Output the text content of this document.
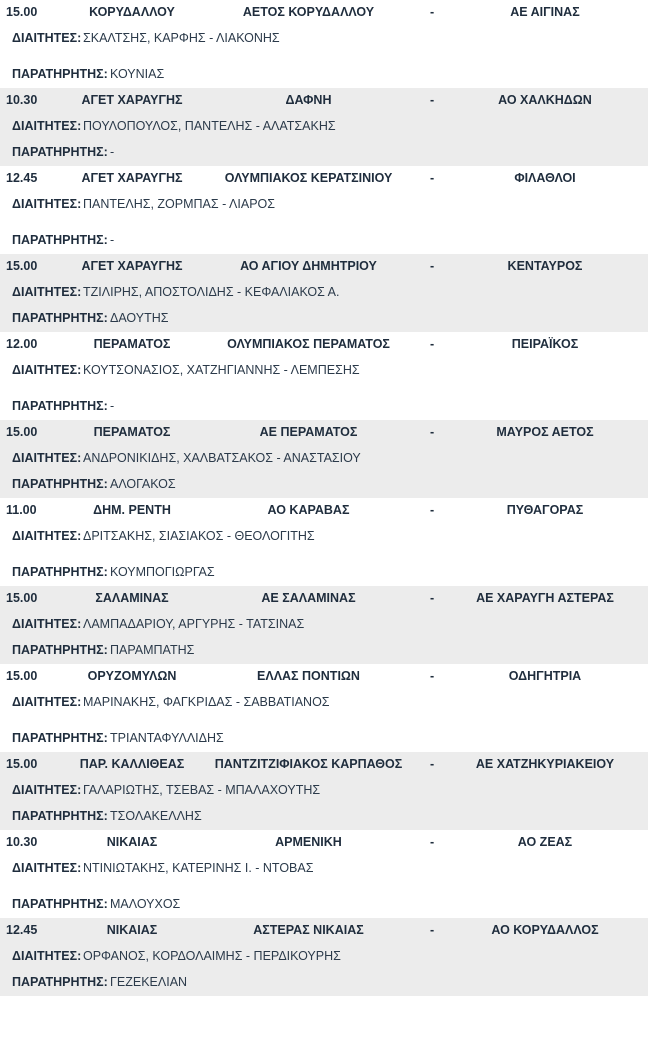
15.00	ΚΟΡΥΔΑΛΛΟΥ	ΑΕΤΟΣ ΚΟΡΥΔΑΛΛΟΥ	-	ΑΕ ΑΙΓΙΝΑΣ
ΔΙΑΙΤΗΤΕΣ: ΣΚΑΛΤΣΗΣ, ΚΑΡΦΗΣ - ΛΙΑΚΟΝΗΣ
ΠΑΡΑΤΗΡΗΤΗΣ: ΚΟΥΝΙΑΣ
10.30	ΑΓΕΤ ΧΑΡΑΥΓΗΣ	ΔΑΦΝΗ	-	ΑΟ ΧΑΛΚΗΔΩΝ
ΔΙΑΙΤΗΤΕΣ: ΠΟΥΛΟΠΟΥΛΟΣ, ΠΑΝΤΕΛΗΣ - ΑΛΑΤΣΑΚΗΣ
ΠΑΡΑΤΗΡΗΤΗΣ: -
12.45	ΑΓΕΤ ΧΑΡΑΥΓΗΣ	ΟΛΥΜΠΙΑΚΟΣ ΚΕΡΑΤΣΙΝΙΟΥ	-	ΦΙΛΑΘΛΟΙ
ΔΙΑΙΤΗΤΕΣ: ΠΑΝΤΕΛΗΣ, ΖΟΡΜΠΑΣ - ΛΙΑΡΟΣ
ΠΑΡΑΤΗΡΗΤΗΣ: -
15.00	ΑΓΕΤ ΧΑΡΑΥΓΗΣ	ΑΟ ΑΓΙΟΥ ΔΗΜΗΤΡΙΟΥ	-	ΚΕΝΤΑΥΡΟΣ
ΔΙΑΙΤΗΤΕΣ: ΤΖΙΛΙΡΗΣ, ΑΠΟΣΤΟΛΙΔΗΣ - ΚΕΦΑΛΙΑΚΟΣ Α.
ΠΑΡΑΤΗΡΗΤΗΣ: ΔΑΟΥΤΗΣ
12.00	ΠΕΡΑΜΑΤΟΣ	ΟΛΥΜΠΙΑΚΟΣ ΠΕΡΑΜΑΤΟΣ	-	ΠΕΙΡΑΪΚΟΣ
ΔΙΑΙΤΗΤΕΣ: ΚΟΥΤΣΟΝΑΣΙΟΣ, ΧΑΤΖΗΓΙΑΝΝΗΣ - ΛΕΜΠΕΣΗΣ
ΠΑΡΑΤΗΡΗΤΗΣ: -
15.00	ΠΕΡΑΜΑΤΟΣ	ΑΕ ΠΕΡΑΜΑΤΟΣ	-	ΜΑΥΡΟΣ ΑΕΤΟΣ
ΔΙΑΙΤΗΤΕΣ: ΑΝΔΡΟΝΙΚΙΔΗΣ, ΧΑΛΒΑΤΣΑΚΟΣ - ΑΝΑΣΤΑΣΙΟΥ
ΠΑΡΑΤΗΡΗΤΗΣ: ΑΛΟΓΑΚΟΣ
11.00	ΔΗΜ. ΡΕΝΤΗ	ΑΟ ΚΑΡΑΒΑΣ	-	ΠΥΘΑΓΟΡΑΣ
ΔΙΑΙΤΗΤΕΣ: ΔΡΙΤΣΑΚΗΣ, ΣΙΑΣΙΑΚΟΣ - ΘΕΟΛΟΓΙΤΗΣ
ΠΑΡΑΤΗΡΗΤΗΣ: ΚΟΥΜΠΟΓΙΩΡΓΑΣ
15.00	ΣΑΛΑΜΙΝΑΣ	ΑΕ ΣΑΛΑΜΙΝΑΣ	-	ΑΕ ΧΑΡΑΥΓΗ ΑΣΤΕΡΑΣ
ΔΙΑΙΤΗΤΕΣ: ΛΑΜΠΑΔΑΡΙΟΥ, ΑΡΓΥΡΗΣ - ΤΑΤΣΙΝΑΣ
ΠΑΡΑΤΗΡΗΤΗΣ: ΠΑΡΑΜΠΑΤΗΣ
15.00	ΟΡΥΖΟΜΥΛΩΝ	ΕΛΛΑΣ ΠΟΝΤΙΩΝ	-	ΟΔΗΓΗΤΡΙΑ
ΔΙΑΙΤΗΤΕΣ: ΜΑΡΙΝΑΚΗΣ, ΦΑΓΚΡΙΔΑΣ - ΣΑΒΒΑΤΙΑΝΟΣ
ΠΑΡΑΤΗΡΗΤΗΣ: ΤΡΙΑΝΤΑΦΥΛΛΙΔΗΣ
15.00	ΠΑΡ. ΚΑΛΛΙΘΕΑΣ	ΠΑΝΤΖΙΤΖΙΦΙΑΚΟΣ ΚΑΡΠΑΘΟΣ	-	ΑΕ ΧΑΤΖΗΚΥΡΙΑΚΕΙΟΥ
ΔΙΑΙΤΗΤΕΣ: ΓΑΛΑΡΙΩΤΗΣ, ΤΣΕΒΑΣ - ΜΠΑΛΑΧΟΥΤΗΣ
ΠΑΡΑΤΗΡΗΤΗΣ: ΤΣΟΛΑΚΕΛΛΗΣ
10.30	ΝΙΚΑΙΑΣ	ΑΡΜΕΝΙΚΗ	-	ΑΟ ΖΕΑΣ
ΔΙΑΙΤΗΤΕΣ: ΝΤΙΝΙΩΤΑΚΗΣ, ΚΑΤΕΡΙΝΗΣ Ι. - ΝΤΟΒΑΣ
ΠΑΡΑΤΗΡΗΤΗΣ: ΜΑΛΟΥΧΟΣ
12.45	ΝΙΚΑΙΑΣ	ΑΣΤΕΡΑΣ ΝΙΚΑΙΑΣ	-	ΑΟ ΚΟΡΥΔΑΛΛΟΣ
ΔΙΑΙΤΗΤΕΣ: ΟΡΦΑΝΟΣ, ΚΟΡΔΟΛΑΙΜΗΣ - ΠΕΡΔΙΚΟΥΡΗΣ
ΠΑΡΑΤΗΡΗΤΗΣ: ΓΕΖΕΚΕΛΙΑΝ
